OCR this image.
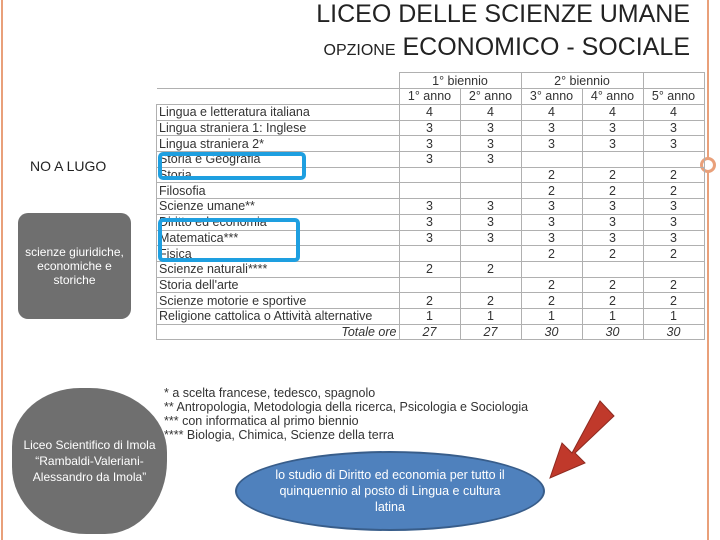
LICEO DELLE SCIENZE UMANE
OPZIONE ECONOMICO - SOCIALE
	1° biennio		2° biennio		
	1° anno	2° anno	3° anno	4° anno	5° anno
Lingua e letteratura italiana	4	4	4	4	4
Lingua straniera 1: Inglese	3	3	3	3	3
Lingua straniera 2*	3	3	3	3	3
Storia e Geografia	3	3			
Storia			2	2	2
Filosofia			2	2	2
Scienze umane**	3	3	3	3	3
Diritto ed economia	3	3	3	3	3
Matematica***	3	3	3	3	3
Fisica			2	2	2
Scienze naturali****	2	2			
Storia dell'arte			2	2	2
Scienze motorie e sportive	2	2	2	2	2
Religione cattolica o Attività alternative	1	1	1	1	1
Totale ore	27	27	30	30	30
NO A LUGO
scienze giuridiche, economiche e storiche
Liceo Scientifico di Imola “Rambaldi-Valeriani-Alessandro da Imola”
* a scelta francese, tedesco, spagnolo
** Antropologia, Metodologia della ricerca, Psicologia e Sociologia
*** con informatica al primo biennio
**** Biologia, Chimica, Scienze della terra
lo studio di Diritto ed economia per tutto il quinquennio al posto di Lingua e cultura latina
